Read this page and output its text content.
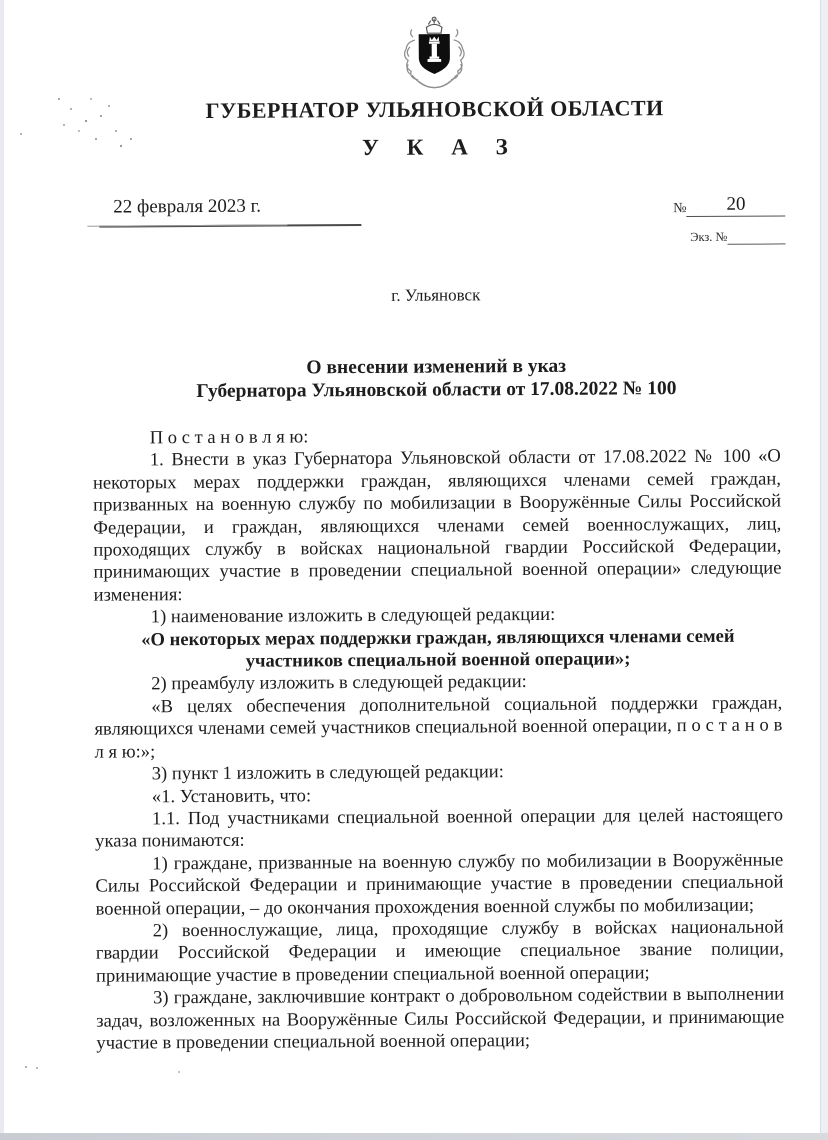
ГУБЕРНАТОР УЛЬЯНОВСКОЙ ОБЛАСТИ
У К А З
22 февраля 2023 г.	№	20
Экз. №
г. Ульяновск
О внесении изменений в указ
Губернатора Ульяновской области от 17.08.2022 № 100

П о с т а н о в л я ю:

1. Внести в указ Губернатора Ульяновской области от 17.08.2022 № 100 «О некоторых мерах поддержки граждан, являющихся членами семей граждан, призванных на военную службу по мобилизации в Вооружённые Силы Российской Федерации, и граждан, являющихся членами семей военнослужащих, лиц, проходящих службу в войсках национальной гвардии Российской Федерации, принимающих участие в проведении специальной военной операции» следующие изменения:

1) наименование изложить в следующей редакции:

«О некоторых мерах поддержки граждан, являющихся членами семей участников специальной военной операции»;

2) преамбулу изложить в следующей редакции:

«В целях обеспечения дополнительной социальной поддержки граждан, являющихся членами семей участников специальной военной операции, п о с т а н о в л я ю:»;

3) пункт 1 изложить в следующей редакции:

«1. Установить, что:

1.1. Под участниками специальной военной операции для целей настоящего указа понимаются:

1) граждане, призванные на военную службу по мобилизации в Вооружённые Силы Российской Федерации и принимающие участие в проведении специальной военной операции, – до окончания прохождения военной службы по мобилизации;

2) военнослужащие, лица, проходящие службу в войсках национальной гвардии Российской Федерации и имеющие специальное звание полиции, принимающие участие в проведении специальной военной операции;

3) граждане, заключившие контракт о добровольном содействии в выполнении задач, возложенных на Вооружённые Силы Российской Федерации, и принимающие участие в проведении специальной военной операции;
